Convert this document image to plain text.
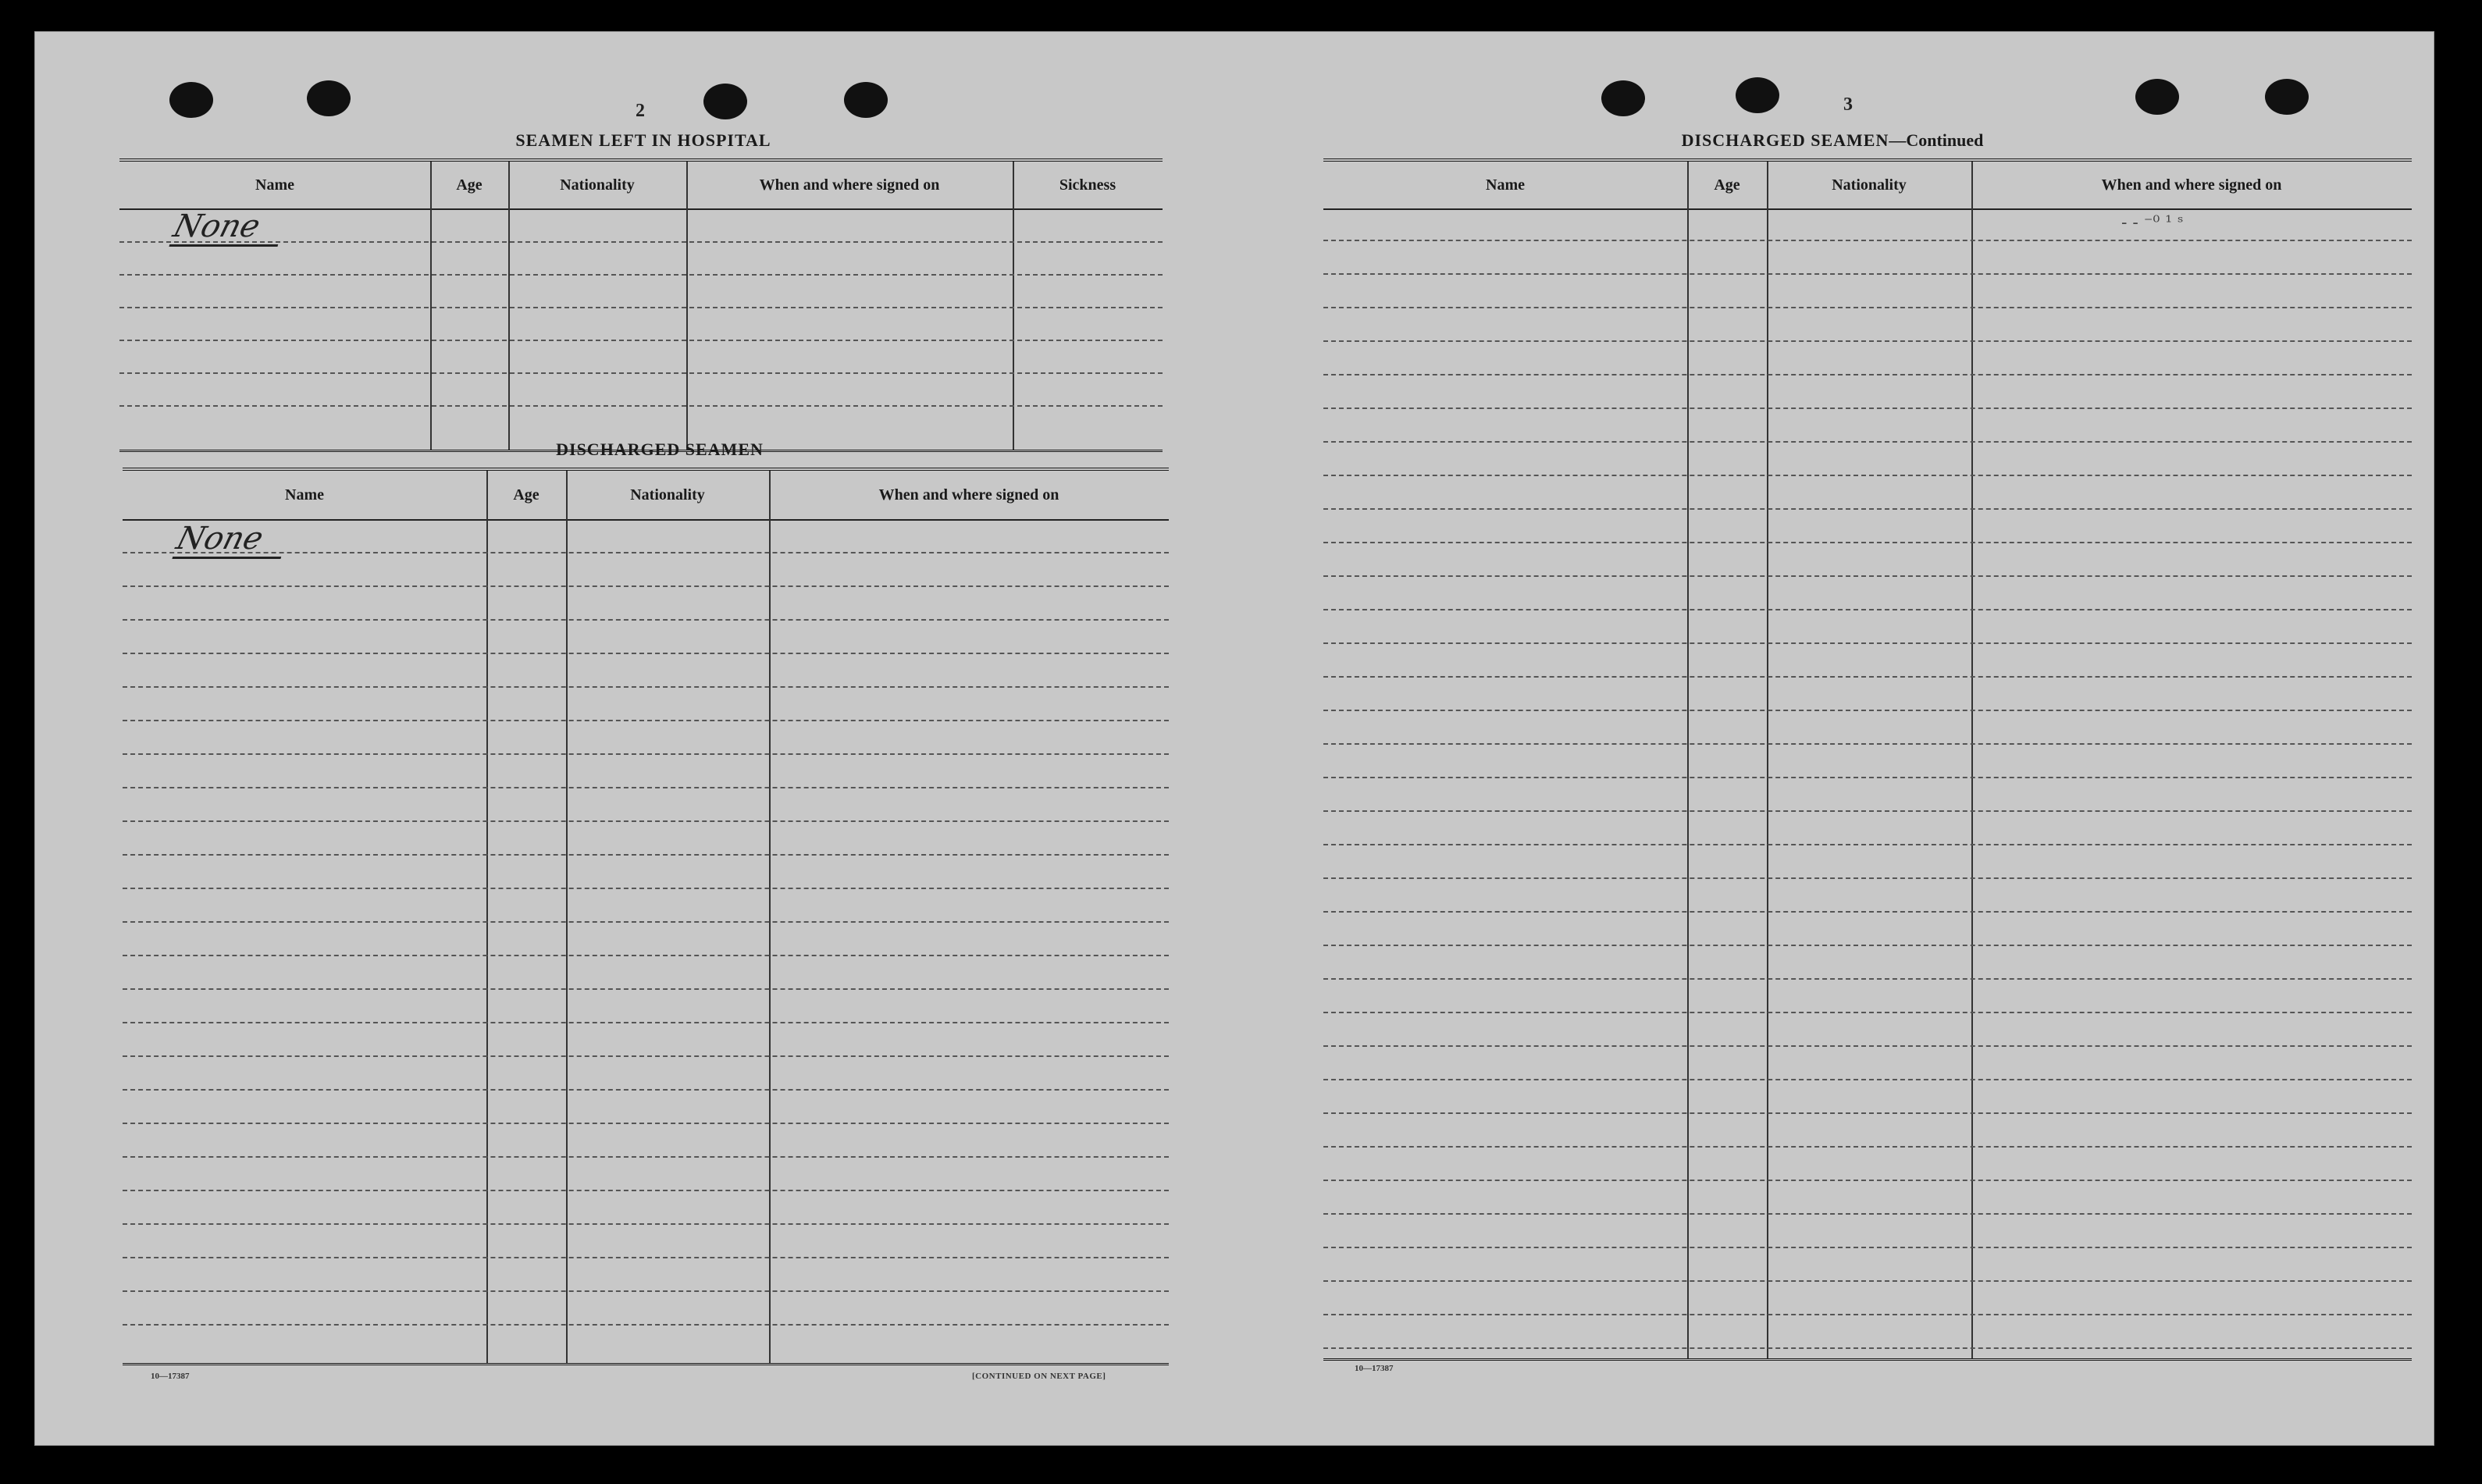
2
SEAMEN LEFT IN HOSPITAL
Name	Age	Nationality	When and where signed on	Sickness
None
DISCHARGED SEAMEN
Name	Age	Nationality	When and where signed on
None
10—17387	[CONTINUED ON NEXT PAGE]
3
DISCHARGED SEAMEN—Continued
Name	Age	Nationality	When and where signed on
- - ⁻⁰ ¹ ˢ
10—17387
